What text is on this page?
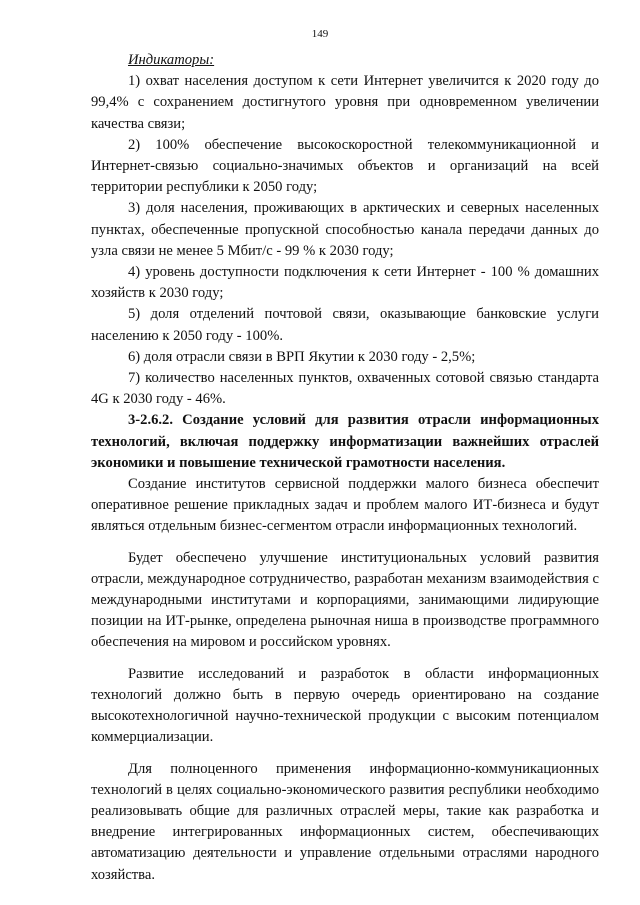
149

Индикаторы:

1) охват населения доступом к сети Интернет увеличится к 2020 году до 99,4% с сохранением достигнутого уровня при одновременном увеличении качества связи;

2) 100% обеспечение высокоскоростной телекоммуникационной и Интернет-связью социально-значимых объектов и организаций на всей территории республики к 2050 году;

3) доля населения, проживающих в арктических и северных населенных пунктах, обеспеченные пропускной способностью канала передачи данных до узла связи не менее 5 Мбит/с - 99 % к 2030 году;

4) уровень доступности подключения к сети Интернет - 100 % домашних хозяйств к 2030 году;

5) доля отделений почтовой связи, оказывающие банковские услуги населению к 2050 году - 100%.

6) доля отрасли связи в ВРП Якутии к 2030 году - 2,5%;

7) количество населенных пунктов, охваченных сотовой связью стандарта 4G к 2030 году - 46%.

3-2.6.2. Создание условий для развития отрасли информационных технологий, включая поддержку информатизации важнейших отраслей экономики и повышение технической грамотности населения.

Создание институтов сервисной поддержки малого бизнеса обеспечит оперативное решение прикладных задач и проблем малого ИТ-бизнеса и будут являться отдельным бизнес-сегментом отрасли информационных технологий.

Будет обеспечено улучшение институциональных условий развития отрасли, международное сотрудничество, разработан механизм взаимодействия с международными институтами и корпорациями, занимающими лидирующие позиции на ИТ-рынке, определена рыночная ниша в производстве программного обеспечения на мировом и российском уровнях.

Развитие исследований и разработок в области информационных технологий должно быть в первую очередь ориентировано на создание высокотехнологичной научно-технической продукции с высоким потенциалом коммерциализации.

Для полноценного применения информационно-коммуникационных технологий в целях социально-экономического развития республики необходимо реализовывать общие для различных отраслей меры, такие как разработка и внедрение интегрированных информационных систем, обеспечивающих автоматизацию деятельности и управление отдельными отраслями народного хозяйства.
